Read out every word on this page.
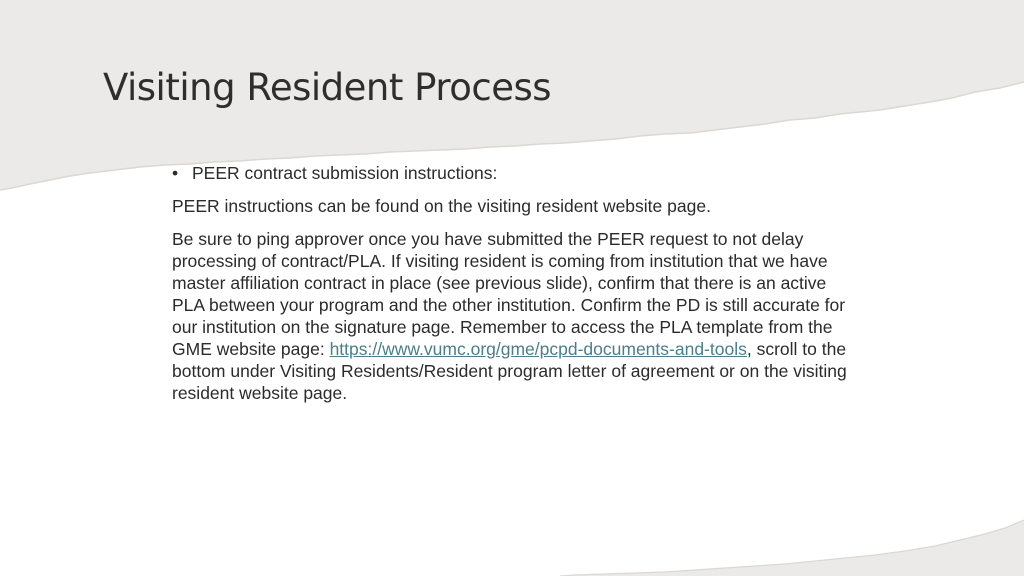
Visiting Resident Process
• PEER contract submission instructions:

PEER instructions can be found on the visiting resident website page.

Be sure to ping approver once you have submitted the PEER request to not delay processing of contract/PLA. If visiting resident is coming from institution that we have master affiliation contract in place (see previous slide), confirm that there is an active PLA between your program and the other institution. Confirm the PD is still accurate for our institution on the signature page. Remember to access the PLA template from the GME website page: https://www.vumc.org/gme/pcpd-documents-and-tools, scroll to the bottom under Visiting Residents/Resident program letter of agreement or on the visiting resident website page.
